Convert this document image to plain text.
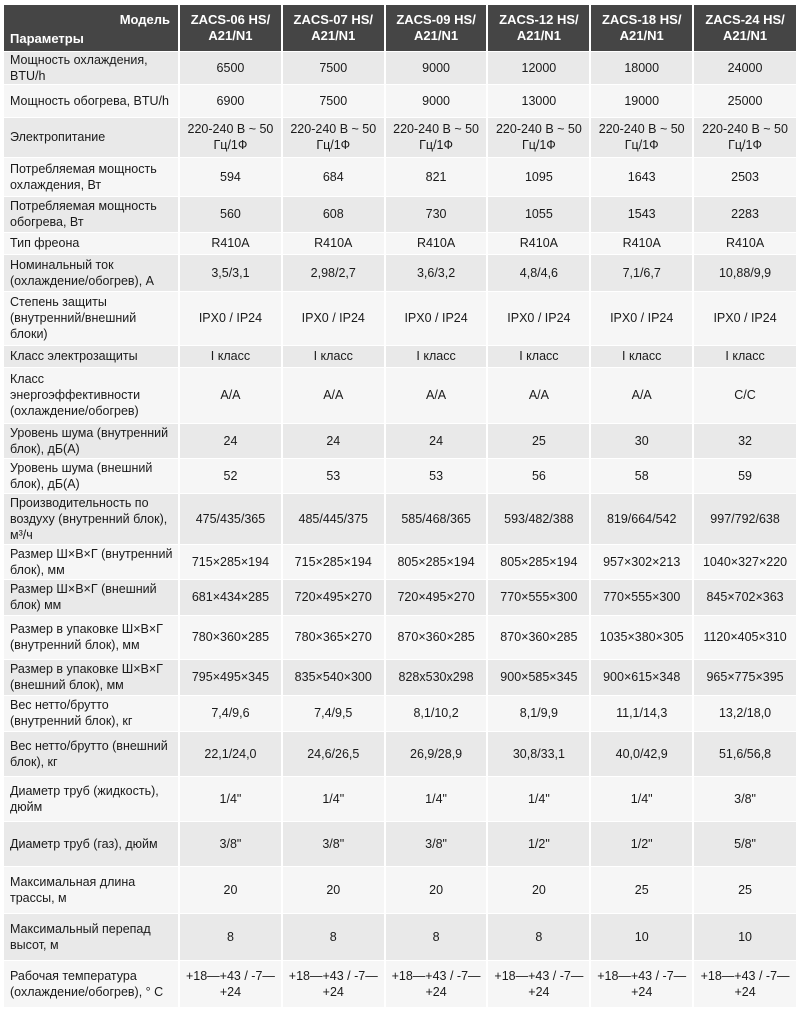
Модель
Параметры	ZACS-06 HS/ A21/N1	ZACS-07 HS/ A21/N1	ZACS-09 HS/ A21/N1	ZACS-12 HS/ A21/N1	ZACS-18 HS/ A21/N1	ZACS-24 HS/ A21/N1
Мощность охлаждения, BTU/h	6500	7500	9000	12000	18000	24000
Мощность обогрева, BTU/h	6900	7500	9000	13000	19000	25000
Электропитание	220-240 В ~ 50 Гц/1Ф	220-240 В ~ 50 Гц/1Ф	220-240 В ~ 50 Гц/1Ф	220-240 В ~ 50 Гц/1Ф	220-240 В ~ 50 Гц/1Ф	220-240 В ~ 50 Гц/1Ф
Потребляемая мощность охлаждения, Вт	594	684	821	1095	1643	2503
Потребляемая мощность обогрева, Вт	560	608	730	1055	1543	2283
Тип фреона	R410A	R410A	R410A	R410A	R410A	R410A
Номинальный ток (охлаждение/обогрев), А	3,5/3,1	2,98/2,7	3,6/3,2	4,8/4,6	7,1/6,7	10,88/9,9
Степень защиты (внутренний/внешний блоки)	IPX0 / IP24	IPX0 / IP24	IPX0 / IP24	IPX0 / IP24	IPX0 / IP24	IPX0 / IP24
Класс электрозащиты	I класс	I класс	I класс	I класс	I класс	I класс
Класс энергоэффективности (охлаждение/обогрев)	A/A	A/A	A/A	A/A	A/A	C/C
Уровень шума (внутренний блок), дБ(А)	24	24	24	25	30	32
Уровень шума (внешний блок), дБ(А)	52	53	53	56	58	59
Производительность по воздуху (внутренний блок), м³/ч	475/435/365	485/445/375	585/468/365	593/482/388	819/664/542	997/792/638
Размер Ш×В×Г (внутренний блок), мм	715×285×194	715×285×194	805×285×194	805×285×194	957×302×213	1040×327×220
Размер Ш×В×Г (внешний блок) мм	681×434×285	720×495×270	720×495×270	770×555×300	770×555×300	845×702×363
Размер в упаковке Ш×В×Г (внутренний блок), мм	780×360×285	780×365×270	870×360×285	870×360×285	1035×380×305	1120×405×310
Размер в упаковке Ш×В×Г (внешний блок), мм	795×495×345	835×540×300	828x530x298	900×585×345	900×615×348	965×775×395
Вес нетто/брутто (внутренний блок), кг	7,4/9,6	7,4/9,5	8,1/10,2	8,1/9,9	11,1/14,3	13,2/18,0
Вес нетто/брутто (внешний блок), кг	22,1/24,0	24,6/26,5	26,9/28,9	30,8/33,1	40,0/42,9	51,6/56,8
Диаметр труб (жидкость), дюйм	1/4"	1/4"	1/4"	1/4"	1/4"	3/8"
Диаметр труб (газ), дюйм	3/8"	3/8"	3/8"	1/2"	1/2"	5/8"
Максимальная длина трассы, м	20	20	20	20	25	25
Максимальный перепад высот, м	8	8	8	8	10	10
Рабочая температура (охлаждение/обогрев), ° С	+18—+43 / -7—+24	+18—+43 / -7—+24	+18—+43 / -7—+24	+18—+43 / -7—+24	+18—+43 / -7—+24	+18—+43 / -7—+24
